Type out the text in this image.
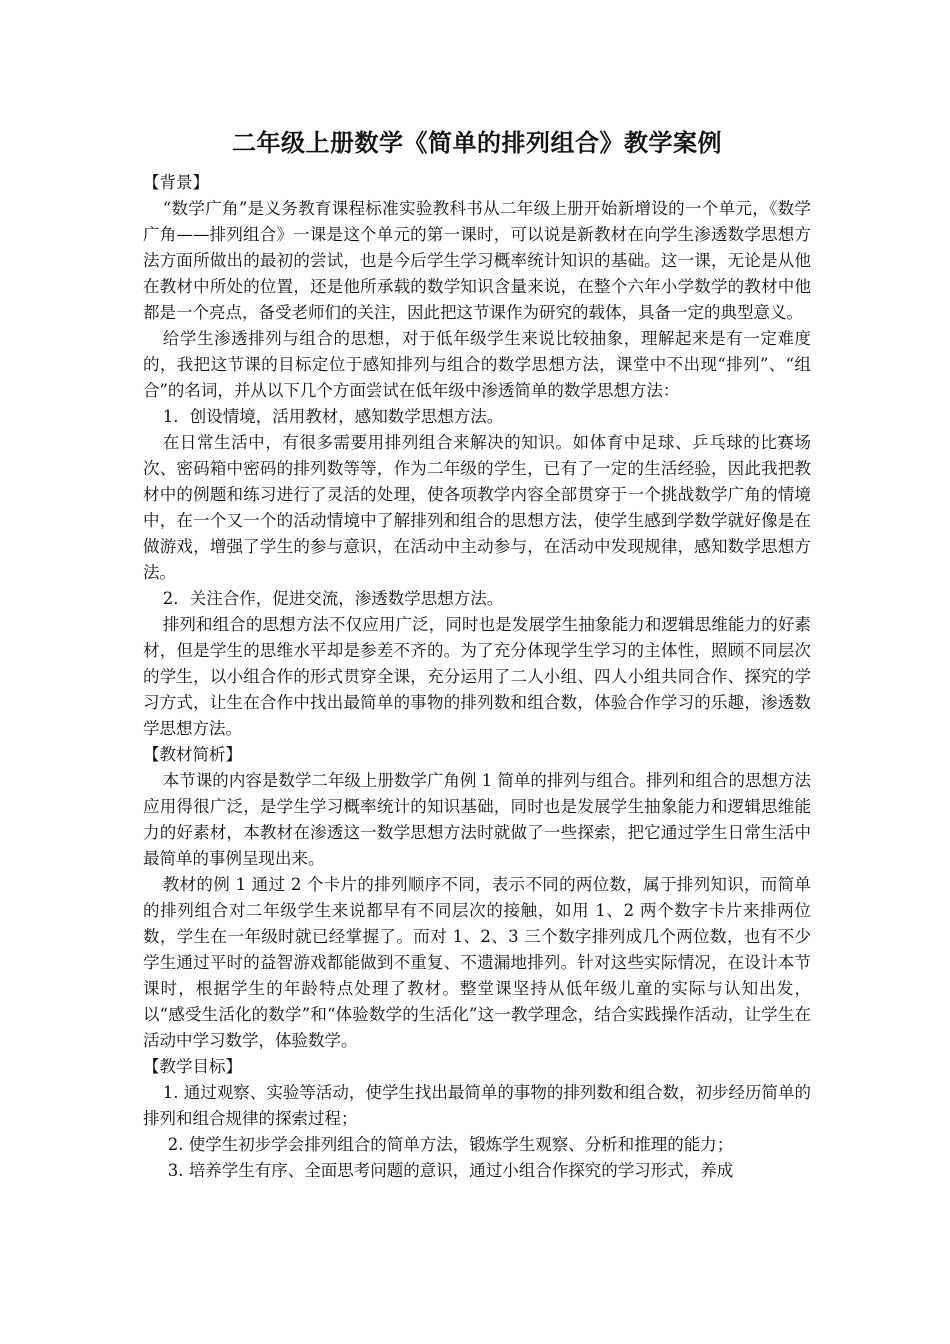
二年级上册数学《简单的排列组合》教学案例
【背景】

“数学广角”是义务教育课程标准实验教科书从二年级上册开始新增设的一个单元，《数学广角——排列组合》一课是这个单元的第一课时，可以说是新教材在向学生渗透数学思想方法方面所做出的最初的尝试，也是今后学生学习概率统计知识的基础。这一课，无论是从他在教材中所处的位置，还是他所承载的数学知识含量来说，在整个六年小学数学的教材中他都是一个亮点，备受老师们的关注，因此把这节课作为研究的载体，具备一定的典型意义。

给学生渗透排列与组合的思想，对于低年级学生来说比较抽象，理解起来是有一定难度的，我把这节课的目标定位于感知排列与组合的数学思想方法，课堂中不出现“排列”、“组合”的名词，并从以下几个方面尝试在低年级中渗透简单的数学思想方法：

1．创设情境，活用教材，感知数学思想方法。

在日常生活中，有很多需要用排列组合来解决的知识。如体育中足球、乒乓球的比赛场次、密码箱中密码的排列数等等，作为二年级的学生，已有了一定的生活经验，因此我把教材中的例题和练习进行了灵活的处理，使各项教学内容全部贯穿于一个挑战数学广角的情境中，在一个又一个的活动情境中了解排列和组合的思想方法，使学生感到学数学就好像是在做游戏，增强了学生的参与意识，在活动中主动参与，在活动中发现规律，感知数学思想方法。

2．关注合作，促进交流，渗透数学思想方法。

排列和组合的思想方法不仅应用广泛，同时也是发展学生抽象能力和逻辑思维能力的好素材，但是学生的思维水平却是参差不齐的。为了充分体现学生学习的主体性，照顾不同层次的学生，以小组合作的形式贯穿全课，充分运用了二人小组、四人小组共同合作、探究的学习方式，让生在合作中找出最简单的事物的排列数和组合数，体验合作学习的乐趣，渗透数学思想方法。

【教材简析】

本节课的内容是数学二年级上册数学广角例 1 简单的排列与组合。排列和组合的思想方法应用得很广泛，是学生学习概率统计的知识基础，同时也是发展学生抽象能力和逻辑思维能力的好素材，本教材在渗透这一数学思想方法时就做了一些探索，把它通过学生日常生活中最简单的事例呈现出来。

教材的例 1 通过 2 个卡片的排列顺序不同，表示不同的两位数，属于排列知识，而简单的排列组合对二年级学生来说都早有不同层次的接触，如用 1、2 两个数字卡片来排两位数，学生在一年级时就已经掌握了。而对 1、2、3 三个数字排列成几个两位数，也有不少学生通过平时的益智游戏都能做到不重复、不遗漏地排列。针对这些实际情况，在设计本节课时，根据学生的年龄特点处理了教材。整堂课坚持从低年级儿童的实际与认知出发，以“感受生活化的数学”和“体验数学的生活化”这一教学理念，结合实践操作活动，让学生在活动中学习数学，体验数学。

【教学目标】

1. 通过观察、实验等活动，使学生找出最简单的事物的排列数和组合数，初步经历简单的排列和组合规律的探索过程；

2. 使学生初步学会排列组合的简单方法，锻炼学生观察、分析和推理的能力；

3. 培养学生有序、全面思考问题的意识，通过小组合作探究的学习形式，养成
